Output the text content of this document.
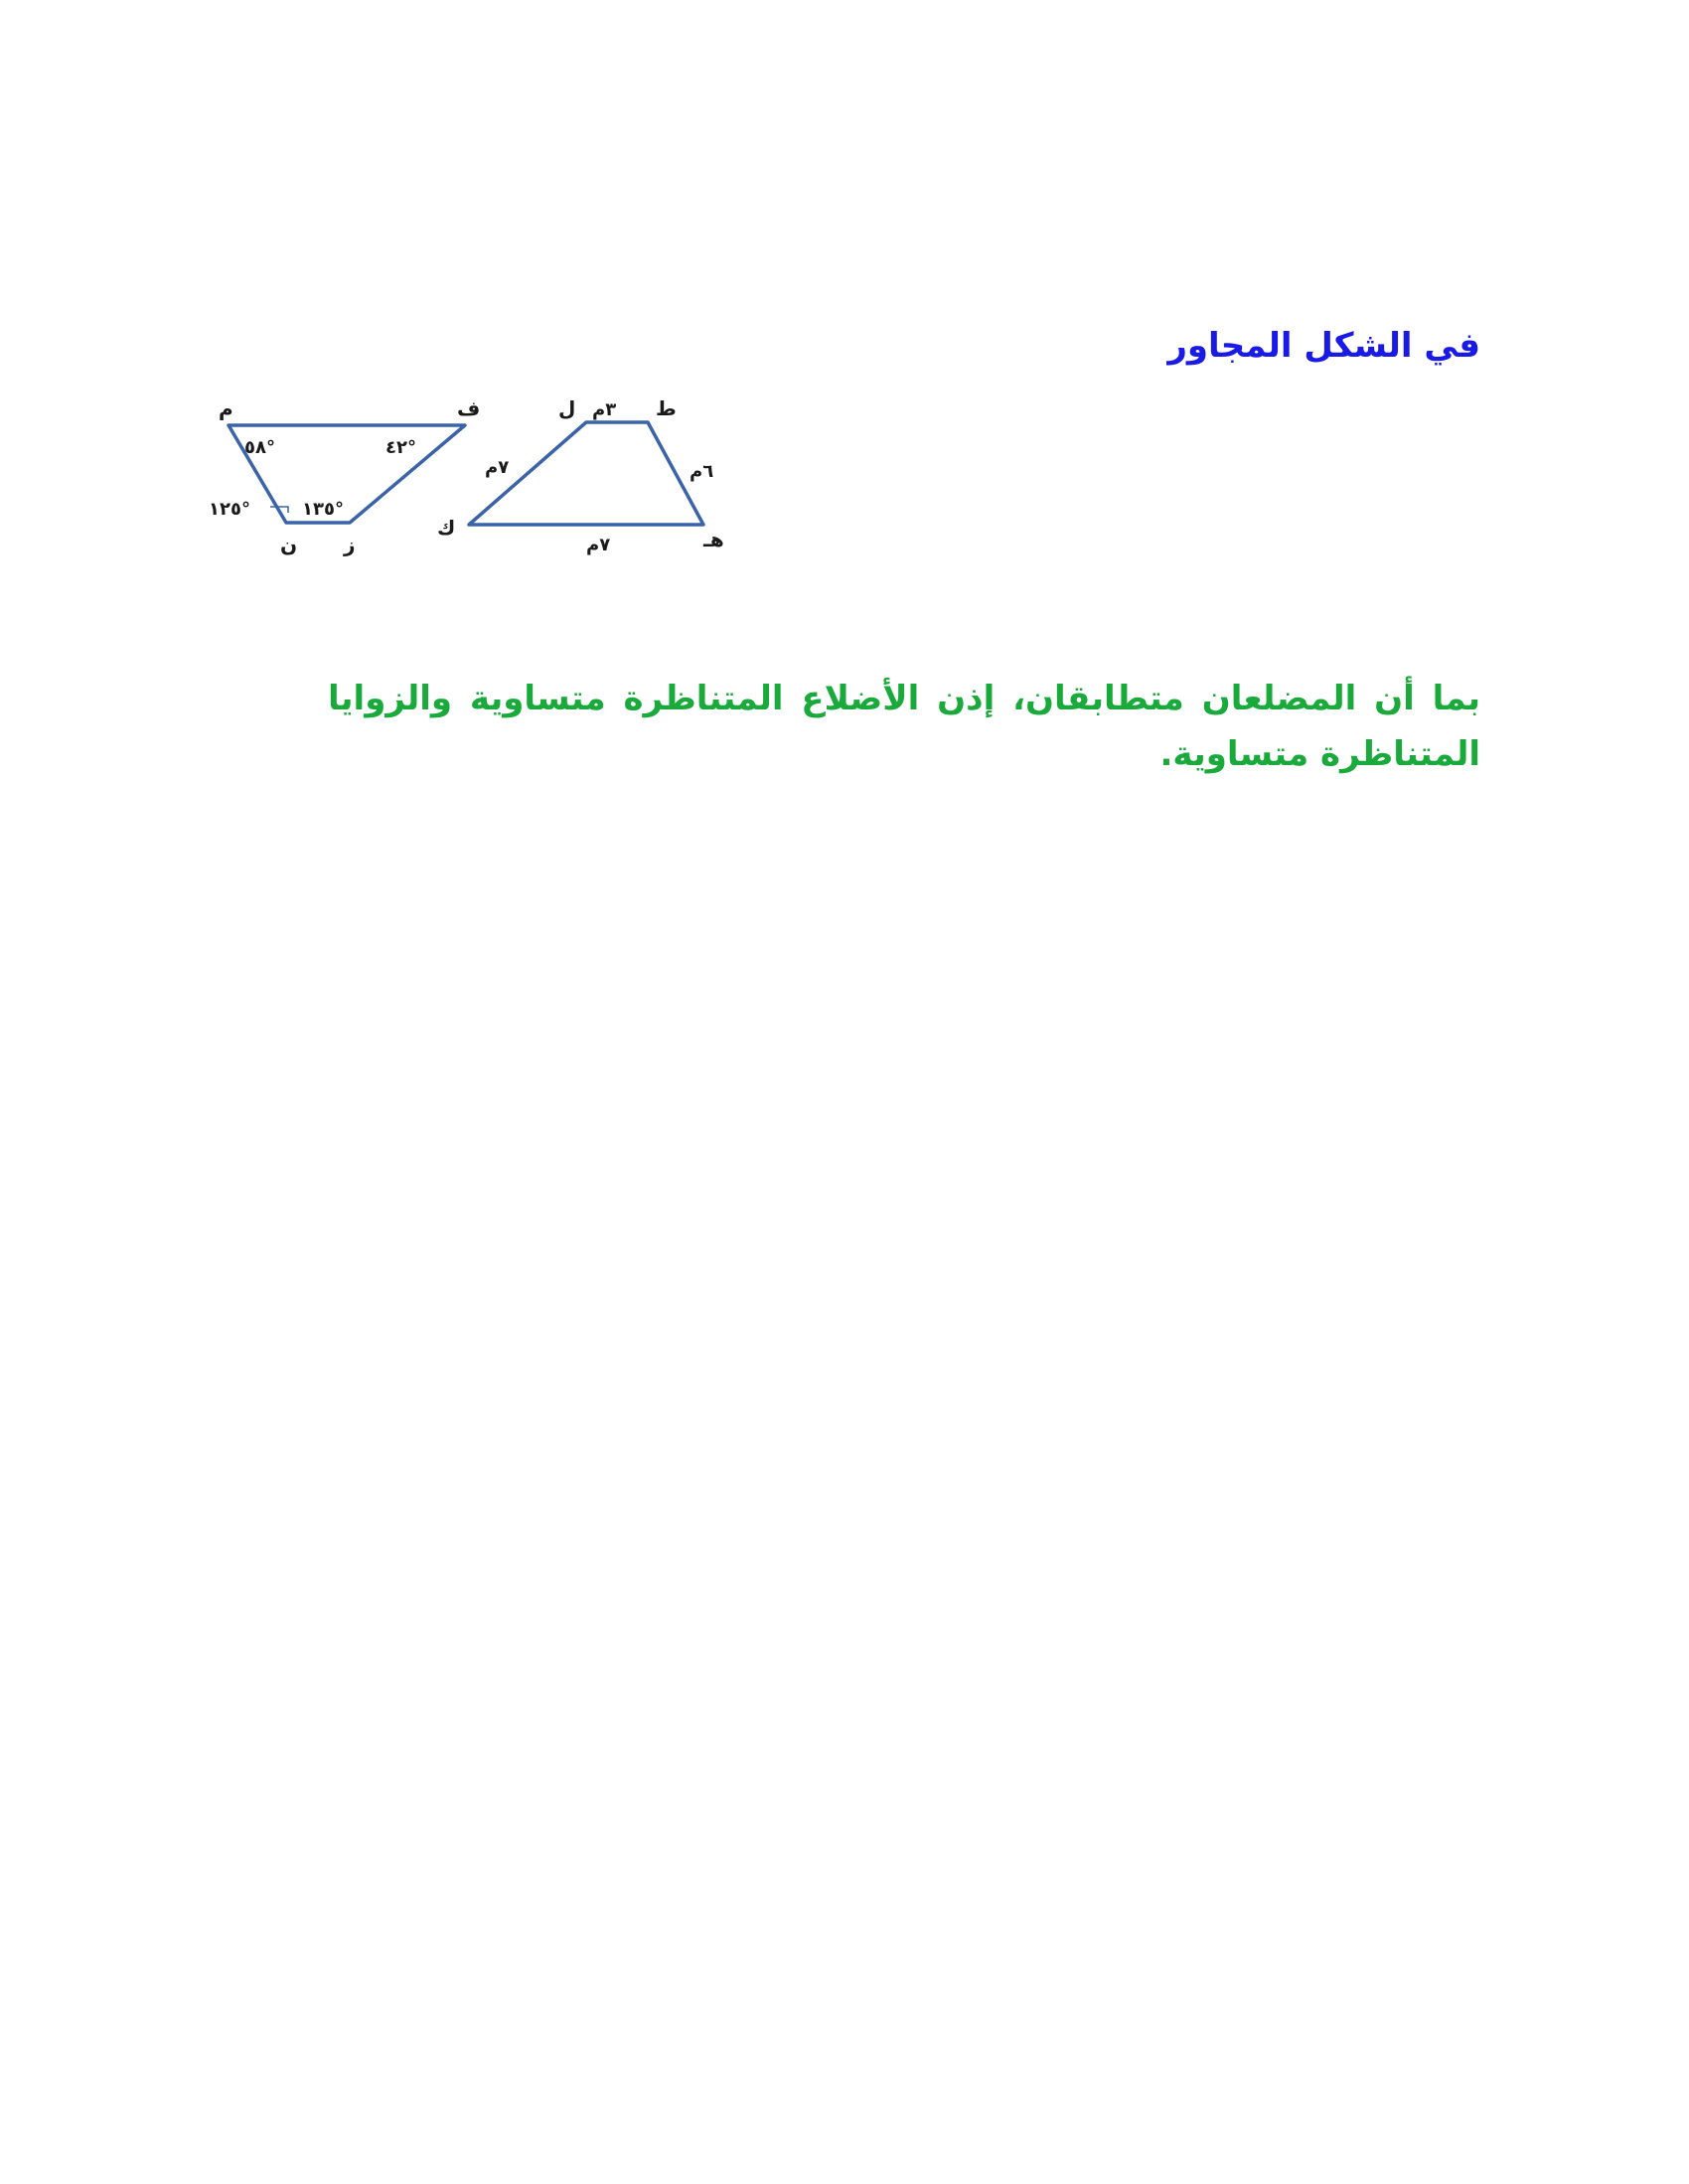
في الشكل المجاور
م	ف
ز
ن
٥٨°	٤٢°
١٣٥°
١٢٥°
ل	ط
هـ
ك
٣م
٦م
٧م
٧م

بما أن المضلعان متطابقان، إذن الأضلاع المتناظرة متساوية والزوايا المتناظرة متساوية.
